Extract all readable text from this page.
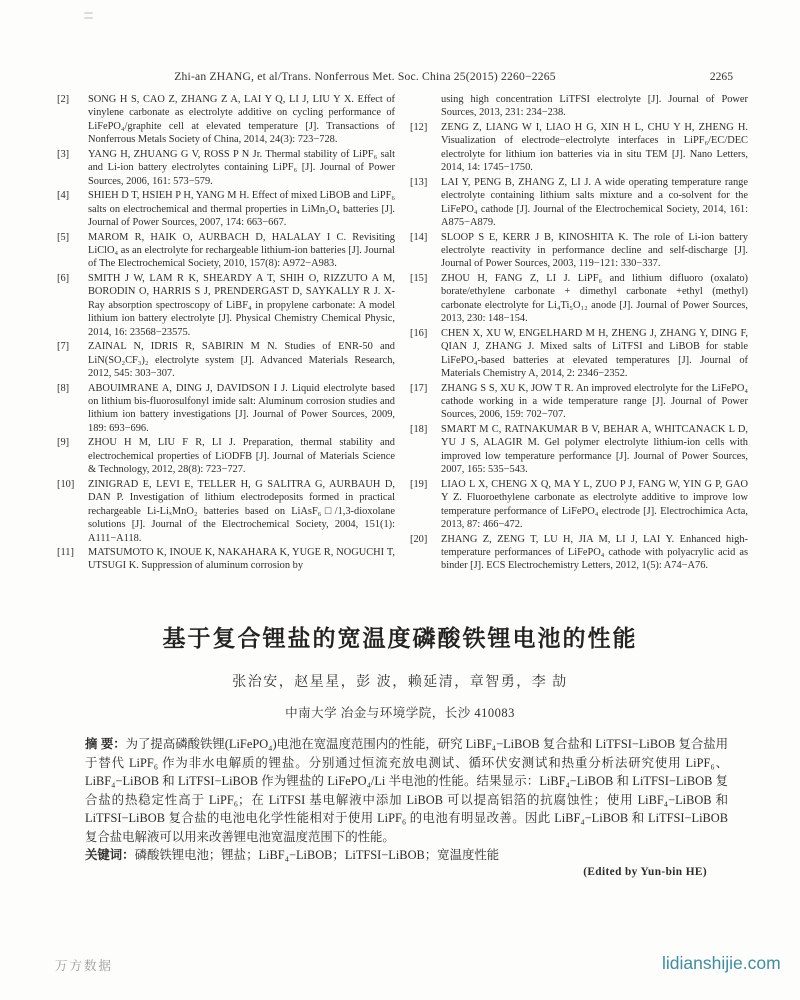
Zhi-an ZHANG, et al/Trans. Nonferrous Met. Soc. China 25(2015) 2260−2265	2265
[2]	SONG H S, CAO Z, ZHANG Z A, LAI Y Q, LI J, LIU Y X. Effect of vinylene carbonate as electrolyte additive on cycling performance of LiFePO₄/graphite cell at elevated temperature [J]. Transactions of Nonferrous Metals Society of China, 2014, 24(3): 723−728.
[3]	YANG H, ZHUANG G V, ROSS P N Jr. Thermal stability of LiPF₆ salt and Li-ion battery electrolytes containing LiPF₆ [J]. Journal of Power Sources, 2006, 161: 573−579.
[4]	SHIEH D T, HSIEH P H, YANG M H. Effect of mixed LiBOB and LiPF₆ salts on electrochemical and thermal properties in LiMn₂O₄ batteries [J]. Journal of Power Sources, 2007, 174: 663−667.
[5]	MAROM R, HAIK O, AURBACH D, HALALAY I C. Revisiting LiClO₄ as an electrolyte for rechargeable lithium-ion batteries [J]. Journal of The Electrochemical Society, 2010, 157(8): A972−A983.
[6]	SMITH J W, LAM R K, SHEARDY A T, SHIH O, RIZZUTO A M, BORODIN O, HARRIS S J, PRENDERGAST D, SAYKALLY R J. X-Ray absorption spectroscopy of LiBF₄ in propylene carbonate: A model lithium ion battery electrolyte [J]. Physical Chemistry Chemical Physic, 2014, 16: 23568−23575.
[7]	ZAINAL N, IDRIS R, SABIRIN M N. Studies of ENR-50 and LiN(SO₂CF₃)₂ electrolyte system [J]. Advanced Materials Research, 2012, 545: 303−307.
[8]	ABOUIMRANE A, DING J, DAVIDSON I J. Liquid electrolyte based on lithium bis-fluorosulfonyl imide salt: Aluminum corrosion studies and lithium ion battery investigations [J]. Journal of Power Sources, 2009, 189: 693−696.
[9]	ZHOU H M, LIU F R, LI J. Preparation, thermal stability and electrochemical properties of LiODFB [J]. Journal of Materials Science & Technology, 2012, 28(8): 723−727.
[10]	ZINIGRAD E, LEVI E, TELLER H, G SALITRA G, AURBAUH D, DAN P. Investigation of lithium electrodeposits formed in practical rechargeable Li-LiₓMnO₂ batteries based on LiAsF₆□/1,3-dioxolane solutions [J]. Journal of the Electrochemical Society, 2004, 151(1): A111−A118.
[11]	MATSUMOTO K, INOUE K, NAKAHARA K, YUGE R, NOGUCHI T, UTSUGI K. Suppression of aluminum corrosion by
using high concentration LiTFSI electrolyte [J]. Journal of Power Sources, 2013, 231: 234−238.
[12]	ZENG Z, LIANG W I, LIAO H G, XIN H L, CHU Y H, ZHENG H. Visualization of electrode−electrolyte interfaces in LiPF₆/EC/DEC electrolyte for lithium ion batteries via in situ TEM [J]. Nano Letters, 2014, 14: 1745−1750.
[13]	LAI Y, PENG B, ZHANG Z, LI J. A wide operating temperature range electrolyte containing lithium salts mixture and a co-solvent for the LiFePO₄ cathode [J]. Journal of the Electrochemical Society, 2014, 161: A875−A879.
[14]	SLOOP S E, KERR J B, KINOSHITA K. The role of Li-ion battery electrolyte reactivity in performance decline and self-discharge [J]. Journal of Power Sources, 2003, 119−121: 330−337.
[15]	ZHOU H, FANG Z, LI J. LiPF₆ and lithium difluoro (oxalato) borate/ethylene carbonate + dimethyl carbonate +ethyl (methyl) carbonate electrolyte for Li₄Ti₅O₁₂ anode [J]. Journal of Power Sources, 2013, 230: 148−154.
[16]	CHEN X, XU W, ENGELHARD M H, ZHENG J, ZHANG Y, DING F, QIAN J, ZHANG J. Mixed salts of LiTFSI and LiBOB for stable LiFePO₄-based batteries at elevated temperatures [J]. Journal of Materials Chemistry A, 2014, 2: 2346−2352.
[17]	ZHANG S S, XU K, JOW T R. An improved electrolyte for the LiFePO₄ cathode working in a wide temperature range [J]. Journal of Power Sources, 2006, 159: 702−707.
[18]	SMART M C, RATNAKUMAR B V, BEHAR A, WHITCANACK L D, YU J S, ALAGIR M. Gel polymer electrolyte lithium-ion cells with improved low temperature performance [J]. Journal of Power Sources, 2007, 165: 535−543.
[19]	LIAO L X, CHENG X Q, MA Y L, ZUO P J, FANG W, YIN G P, GAO Y Z. Fluoroethylene carbonate as electrolyte additive to improve low temperature performance of LiFePO₄ electrode [J]. Electrochimica Acta, 2013, 87: 466−472.
[20]	ZHANG Z, ZENG T, LU H, JIA M, LI J, LAI Y. Enhanced high-temperature performances of LiFePO₄ cathode with polyacrylic acid as binder [J]. ECS Electrochemistry Letters, 2012, 1(5): A74−A76.
基于复合锂盐的宽温度磷酸铁锂电池的性能
张治安，赵星星，彭 波，赖延清，章智勇，李 劼
中南大学 冶金与环境学院，长沙 410083
摘 要：为了提高磷酸铁锂(LiFePO₄)电池在宽温度范围内的性能，研究 LiBF₄−LiBOB 复合盐和 LiTFSI−LiBOB 复合盐用于替代 LiPF₆ 作为非水电解质的锂盐。分别通过恒流充放电测试、循环伏安测试和热重分析法研究使用 LiPF₆、LiBF₄−LiBOB 和 LiTFSI−LiBOB 作为锂盐的 LiFePO₄/Li 半电池的性能。结果显示：LiBF₄−LiBOB 和 LiTFSI−LiBOB 复合盐的热稳定性高于 LiPF₆；在 LiTFSI 基电解液中添加 LiBOB 可以提高铝箔的抗腐蚀性；使用 LiBF₄−LiBOB 和 LiTFSI−LiBOB 复合盐的电池电化学性能相对于使用 LiPF₆ 的电池有明显改善。因此 LiBF₄−LiBOB 和 LiTFSI−LiBOB 复合盐电解液可以用来改善锂电池宽温度范围下的性能。
关键词：磷酸铁锂电池；锂盐；LiBF₄−LiBOB；LiTFSI−LiBOB；宽温度性能
(Edited by Yun-bin HE)
万方数据	lidianshijie.com
